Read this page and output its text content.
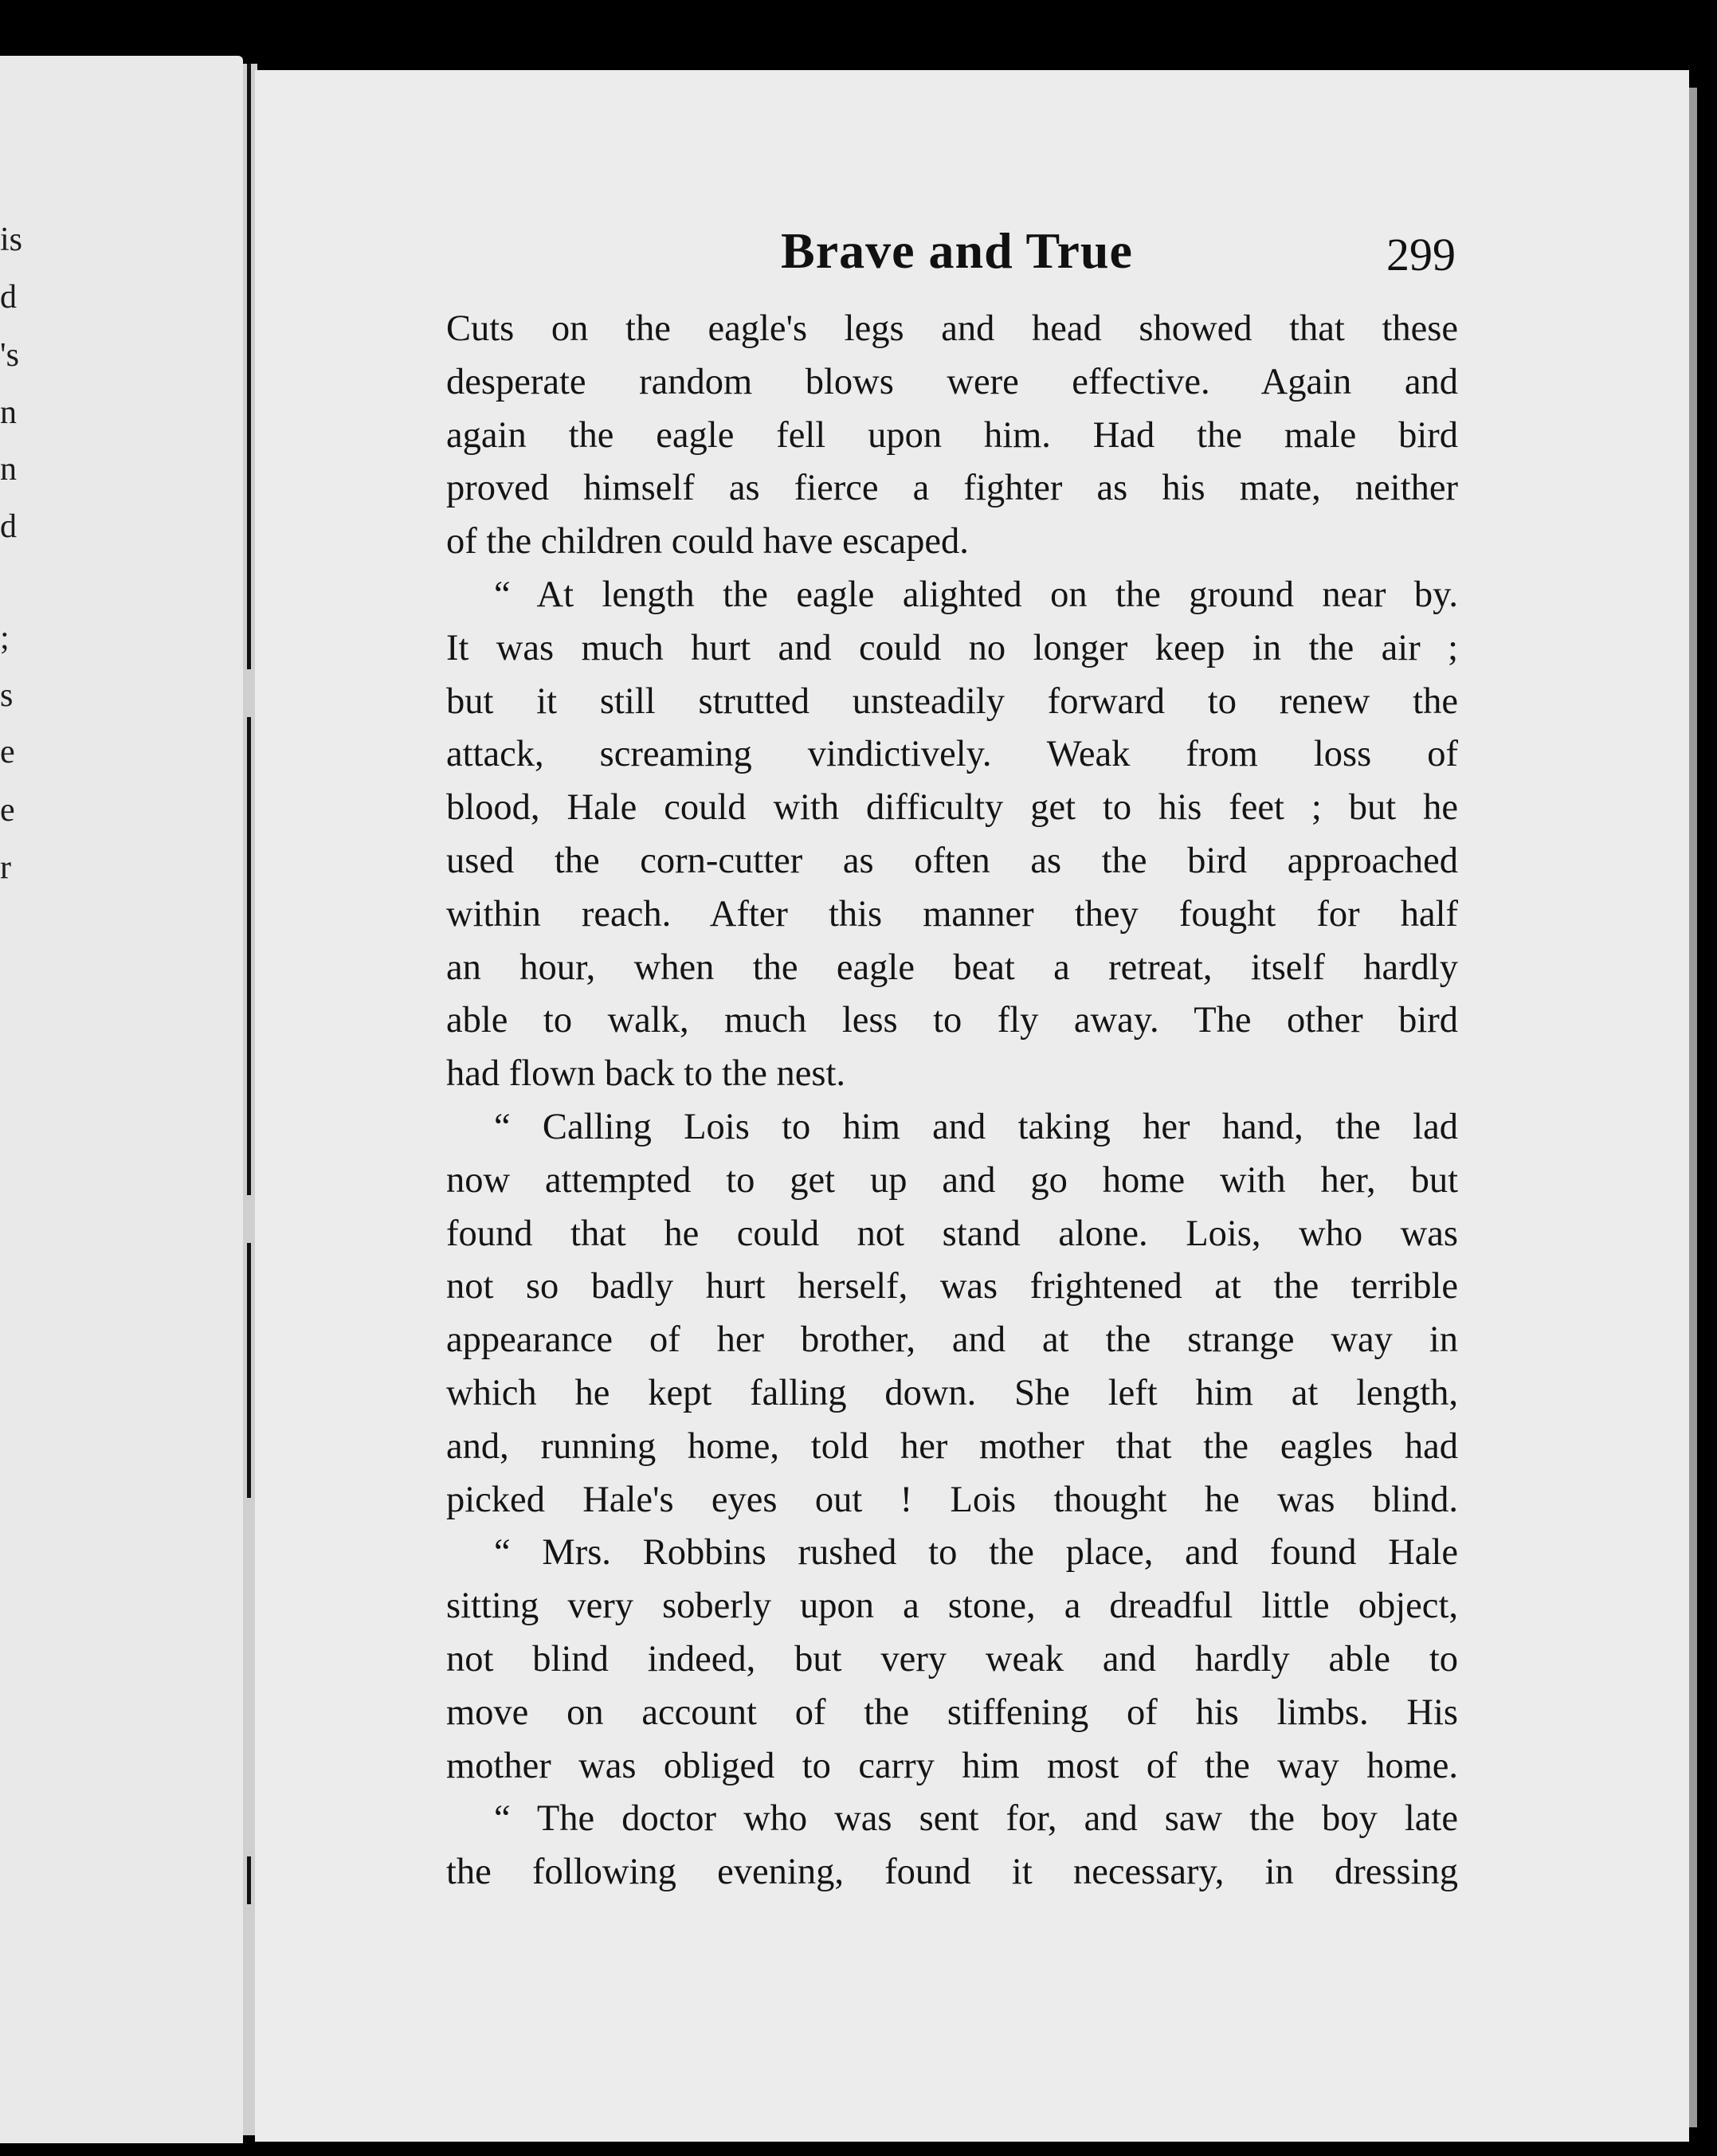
is
d
's
n
n
d
;
s
e
e
r
Brave and True	299
Cuts on the eagle's legs and head showed that these
desperate random blows were effective. Again and
again the eagle fell upon him. Had the male bird
proved himself as fierce a fighter as his mate, neither
of the children could have escaped.
“ At length the eagle alighted on the ground near by.
It was much hurt and could no longer keep in the air ;
but it still strutted unsteadily forward to renew the
attack, screaming vindictively. Weak from loss of
blood, Hale could with difficulty get to his feet ; but he
used the corn-cutter as often as the bird approached
within reach. After this manner they fought for half
an hour, when the eagle beat a retreat, itself hardly
able to walk, much less to fly away. The other bird
had flown back to the nest.
“ Calling Lois to him and taking her hand, the lad
now attempted to get up and go home with her, but
found that he could not stand alone. Lois, who was
not so badly hurt herself, was frightened at the terrible
appearance of her brother, and at the strange way in
which he kept falling down. She left him at length,
and, running home, told her mother that the eagles had
picked Hale's eyes out ! Lois thought he was blind.
“ Mrs. Robbins rushed to the place, and found Hale
sitting very soberly upon a stone, a dreadful little object,
not blind indeed, but very weak and hardly able to
move on account of the stiffening of his limbs. His
mother was obliged to carry him most of the way home.
“ The doctor who was sent for, and saw the boy late
the following evening, found it necessary, in dressing
